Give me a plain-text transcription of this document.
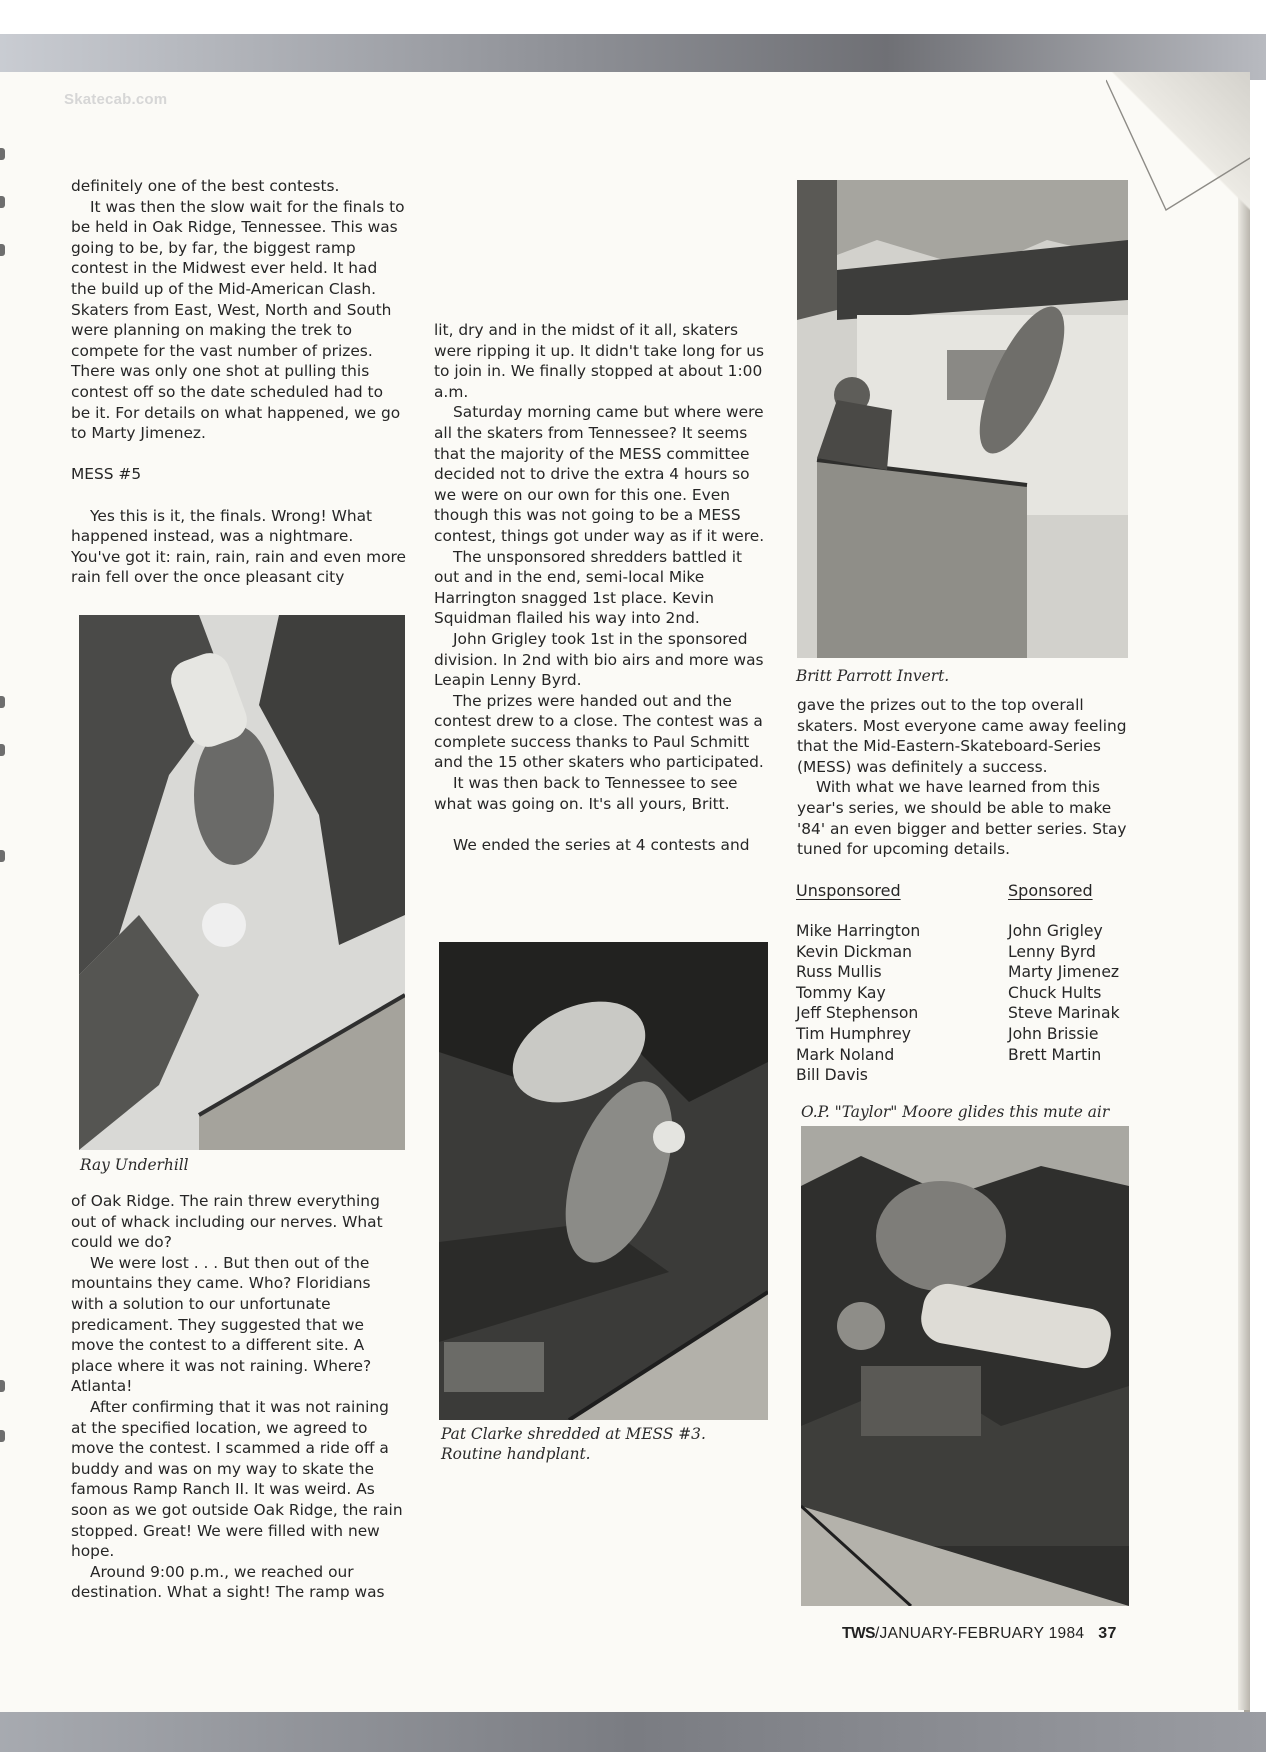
Skatecab.com

definitely one of the best contests.

It was then the slow wait for the finals to be held in Oak Ridge, Tennessee. This was going to be, by far, the biggest ramp contest in the Midwest ever held. It had the build up of the Mid-American Clash. Skaters from East, West, North and South were planning on making the trek to compete for the vast number of prizes. There was only one shot at pulling this contest off so the date scheduled had to be it. For details on what happened, we go to Marty Jimenez.

MESS #5

Yes this is it, the finals. Wrong! What happened instead, was a nightmare. You've got it: rain, rain, rain and even more rain fell over the once pleasant city

Ray Underhill

of Oak Ridge. The rain threw everything out of whack including our nerves. What could we do?

We were lost . . . But then out of the mountains they came. Who? Floridians with a solution to our unfortunate predicament. They suggested that we move the contest to a different site. A place where it was not raining. Where? Atlanta!

After confirming that it was not raining at the specified location, we agreed to move the contest. I scammed a ride off a buddy and was on my way to skate the famous Ramp Ranch II. It was weird. As soon as we got outside Oak Ridge, the rain stopped. Great! We were filled with new hope.

Around 9:00 p.m., we reached our destination. What a sight! The ramp was

lit, dry and in the midst of it all, skaters were ripping it up. It didn't take long for us to join in. We finally stopped at about 1:00 a.m.

Saturday morning came but where were all the skaters from Tennessee? It seems that the majority of the MESS committee decided not to drive the extra 4 hours so we were on our own for this one. Even though this was not going to be a MESS contest, things got under way as if it were.

The unsponsored shredders battled it out and in the end, semi-local Mike Harrington snagged 1st place. Kevin Squidman flailed his way into 2nd.

John Grigley took 1st in the sponsored division. In 2nd with bio airs and more was Leapin Lenny Byrd.

The prizes were handed out and the contest drew to a close. The contest was a complete success thanks to Paul Schmitt and the 15 other skaters who participated.

It was then back to Tennessee to see what was going on. It's all yours, Britt.

We ended the series at 4 contests and

Pat Clarke shredded at MESS #3.
Routine handplant.
Britt Parrott Invert.

gave the prizes out to the top overall skaters. Most everyone came away feeling that the Mid-Eastern-Skateboard-Series (MESS) was definitely a success.

With what we have learned from this year's series, we should be able to make '84' an even bigger and better series. Stay tuned for upcoming details.

Unsponsored	Sponsored
Mike Harrington
Kevin Dickman
Russ Mullis
Tommy Kay
Jeff Stephenson
Tim Humphrey
Mark Noland
Bill Davis
John Grigley
Lenny Byrd
Marty Jimenez
Chuck Hults
Steve Marinak
John Brissie
Brett Martin
O.P. "Taylor" Moore glides this mute air
TWS/JANUARY-FEBRUARY 1984 37
